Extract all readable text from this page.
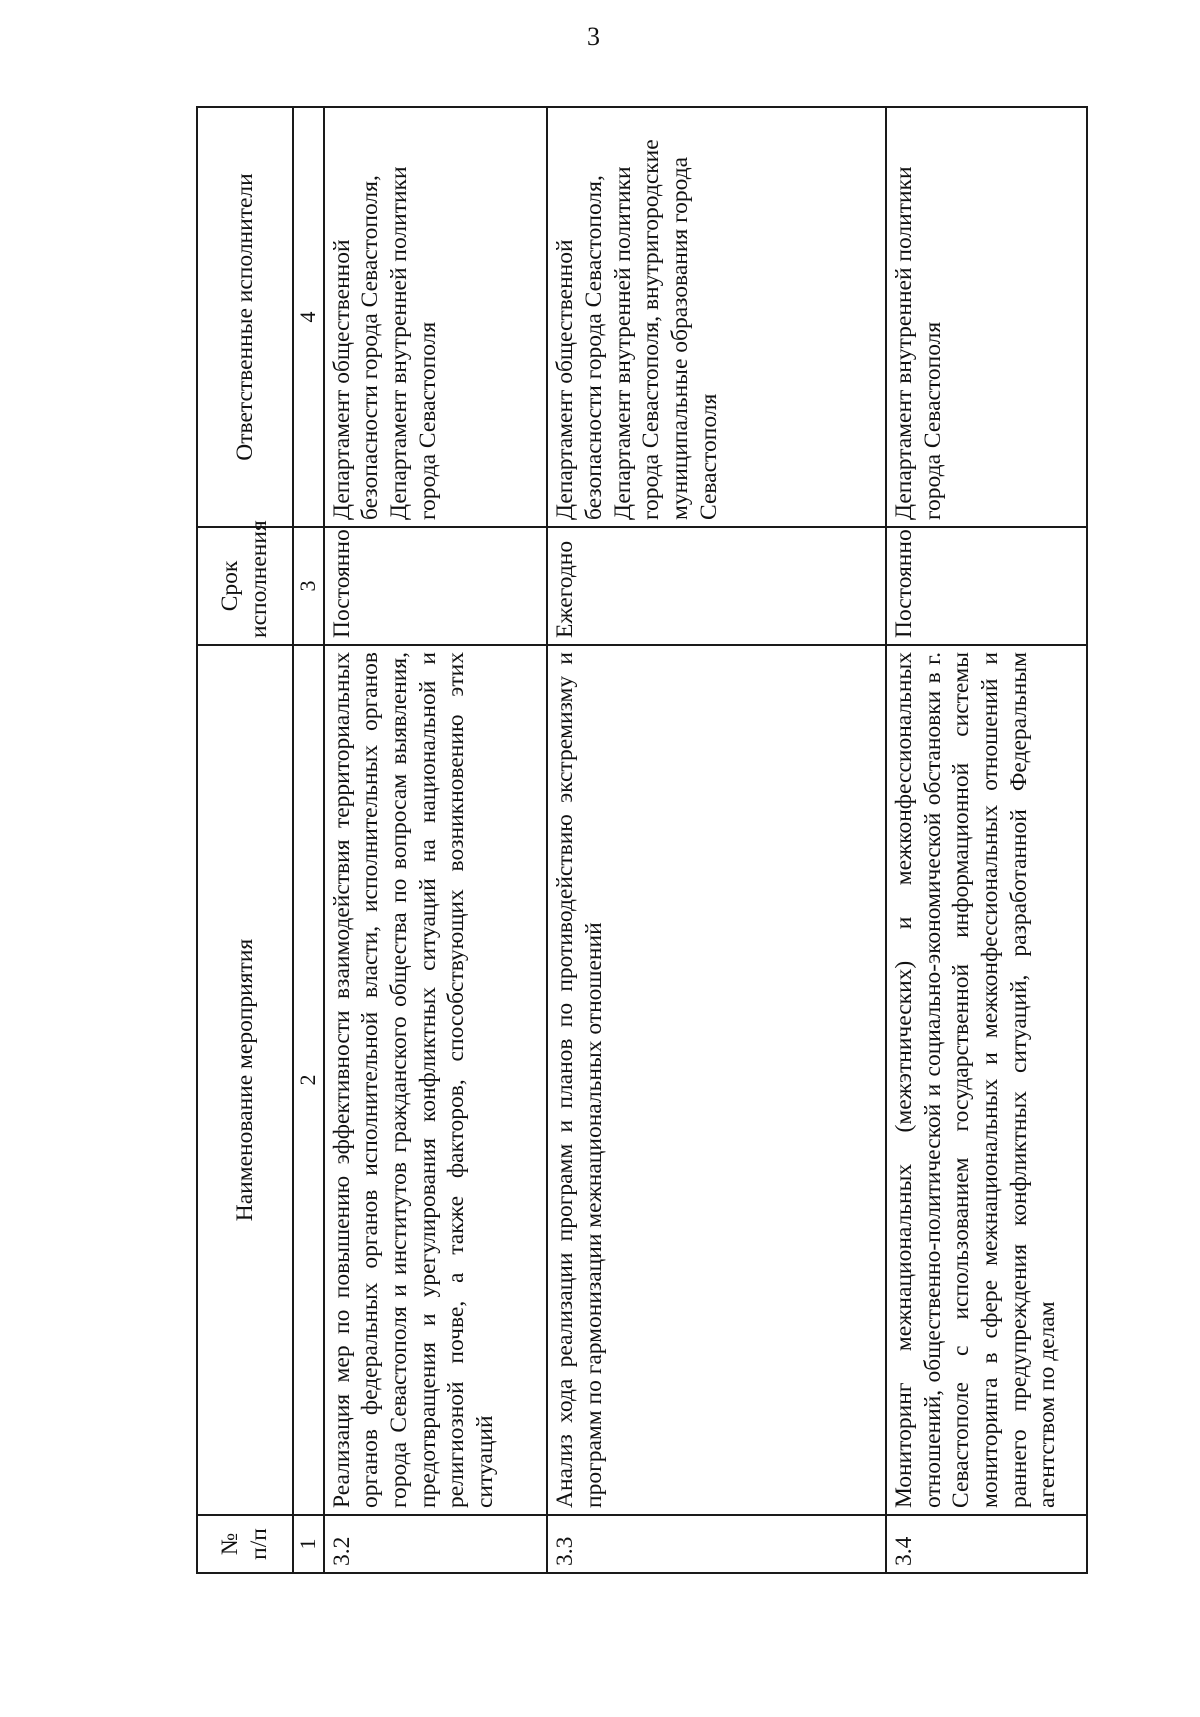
3
№
п/п	Наименование мероприятия	Срок исполнения	Ответственные исполнители
1	2	3	4
3.2	Реализация мер по повышению эффективности взаимодействия территориальных органов федеральных органов исполнительной власти, исполнительных органов города Севастополя и институтов гражданского общества по вопросам выявления, предотвращения и урегулирования конфликтных ситуаций на национальной и религиозной почве, а также факторов, способствующих возникновению этих ситуаций	Постоянно	Департамент общественной безопасности города Севастополя, Департамент внутренней политики города Севастополя
3.3	Анализ хода реализации программ и планов по противодействию экстремизму и программ по гармонизации межнациональных отношений	Ежегодно	Департамент общественной безопасности города Севастополя, Департамент внутренней политики города Севастополя, внутригородские муниципальные образования города Севастополя
3.4	Мониторинг межнациональных (межэтнических) и межконфессиональных отношений, общественно-политической и социально-экономической обстановки в г. Севастополе с использованием государственной информационной системы мониторинга в сфере межнациональных и межконфессиональных отношений и раннего предупреждения конфликтных ситуаций, разработанной Федеральным агентством по делам	Постоянно	Департамент внутренней политики города Севастополя
